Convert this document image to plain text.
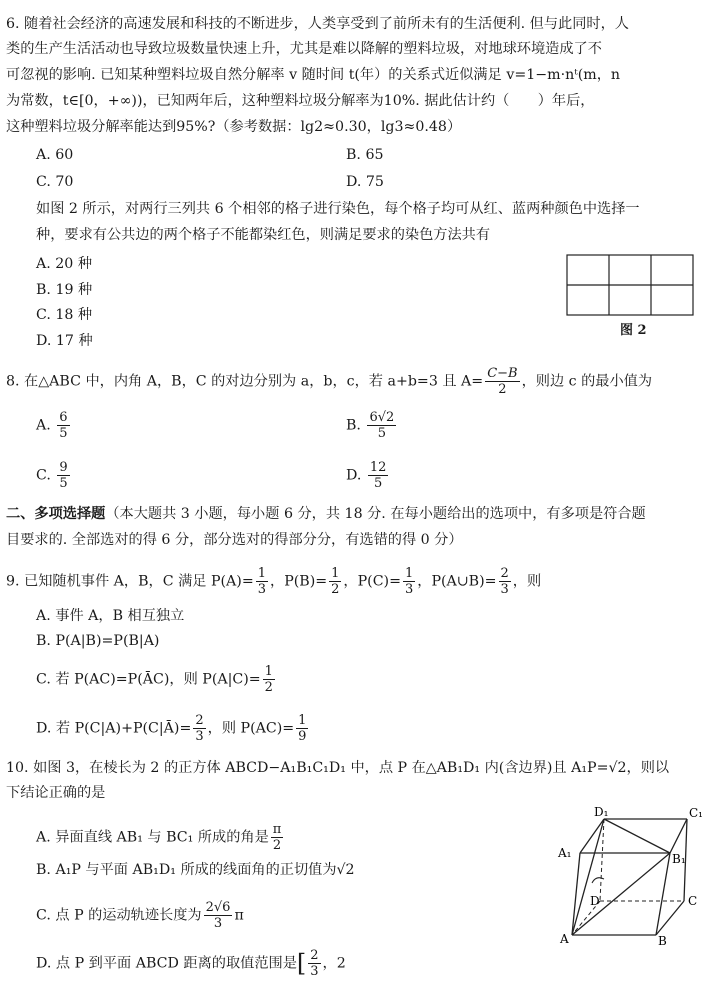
6. 随着社会经济的高速发展和科技的不断进步，人类享受到了前所未有的生活便利. 但与此同时，人
类的生产生活活动也导致垃圾数量快速上升，尤其是难以降解的塑料垃圾，对地球环境造成了不
可忽视的影响. 已知某种塑料垃圾自然分解率 v 随时间 t(年）的关系式近似满足 v=1−m·nᵗ(m，n
为常数，t∈[0，+∞))，已知两年后，这种塑料垃圾分解率为10%. 据此估计约（　　）年后，
这种塑料垃圾分解率能达到95%?（参考数据：lg2≈0.30，lg3≈0.48）
A. 60	B. 65
C. 70	D. 75
如图 2 所示，对两行三列共 6 个相邻的格子进行染色，每个格子均可从红、蓝两种颜色中选择一
种，要求有公共边的两个格子不能都染红色，则满足要求的染色方法共有
A. 20 种
B. 19 种
C. 18 种
D. 17 种
图 2
8. 在△ABC 中，内角 A，B，C 的对边分别为 a，b，c，若 a+b=3 且 $A= \frac{C-B}{2}$ ，则边 c 的最小值为
A. $\frac{6}{5}$	B. $\frac{6√2}{5}$
C. $\frac{9}{5}$	D. $\frac{12}{5}$
二、多项选择题（本大题共 3 小题，每小题 6 分，共 18 分. 在每小题给出的选项中，有多项是符合题
目要求的. 全部选对的得 6 分，部分选对的得部分分，有选错的得 0 分）
9. 已知随机事件 A，B，C 满足 $P(A)= \frac{1}{3}$ ，$P(B)= \frac{1}{2}$ ，$P(C)= \frac{1}{3}$ ，P(A∪B)= $\frac{2}{3}$ ，则
A. 事件 A，B 相互独立
B. P(A|B)=P(B|A)
C. 若 P(AC)=P(ĀC)，则 $P(A|C)= \frac{1}{2}$
D. 若 P(C|A)+P(C|Ā)= $\frac{2}{3}$ ，则 $P(AC)= \frac{1}{9}$
10. 如图 3，在棱长为 2 的正方体 ABCD−A₁B₁C₁D₁ 中，点 P 在△AB₁D₁ 内(含边界)且 A₁P=√2，则以
下结论正确的是
A. 异面直线 AB₁ 与 BC₁ 所成的角是 $\frac{\pi}{2}$
B. A₁P 与平面 AB₁D₁ 所成的线面角的正切值为√2
C. 点 P 的运动轨迹长度为 $\frac{2√6}{3}$ π
D. 点 P 到平面 ABCD 距离的取值范围是[ $\frac{2}{3}$ ，2
D₁	C₁
A₁	B₁
D	C
A	B
